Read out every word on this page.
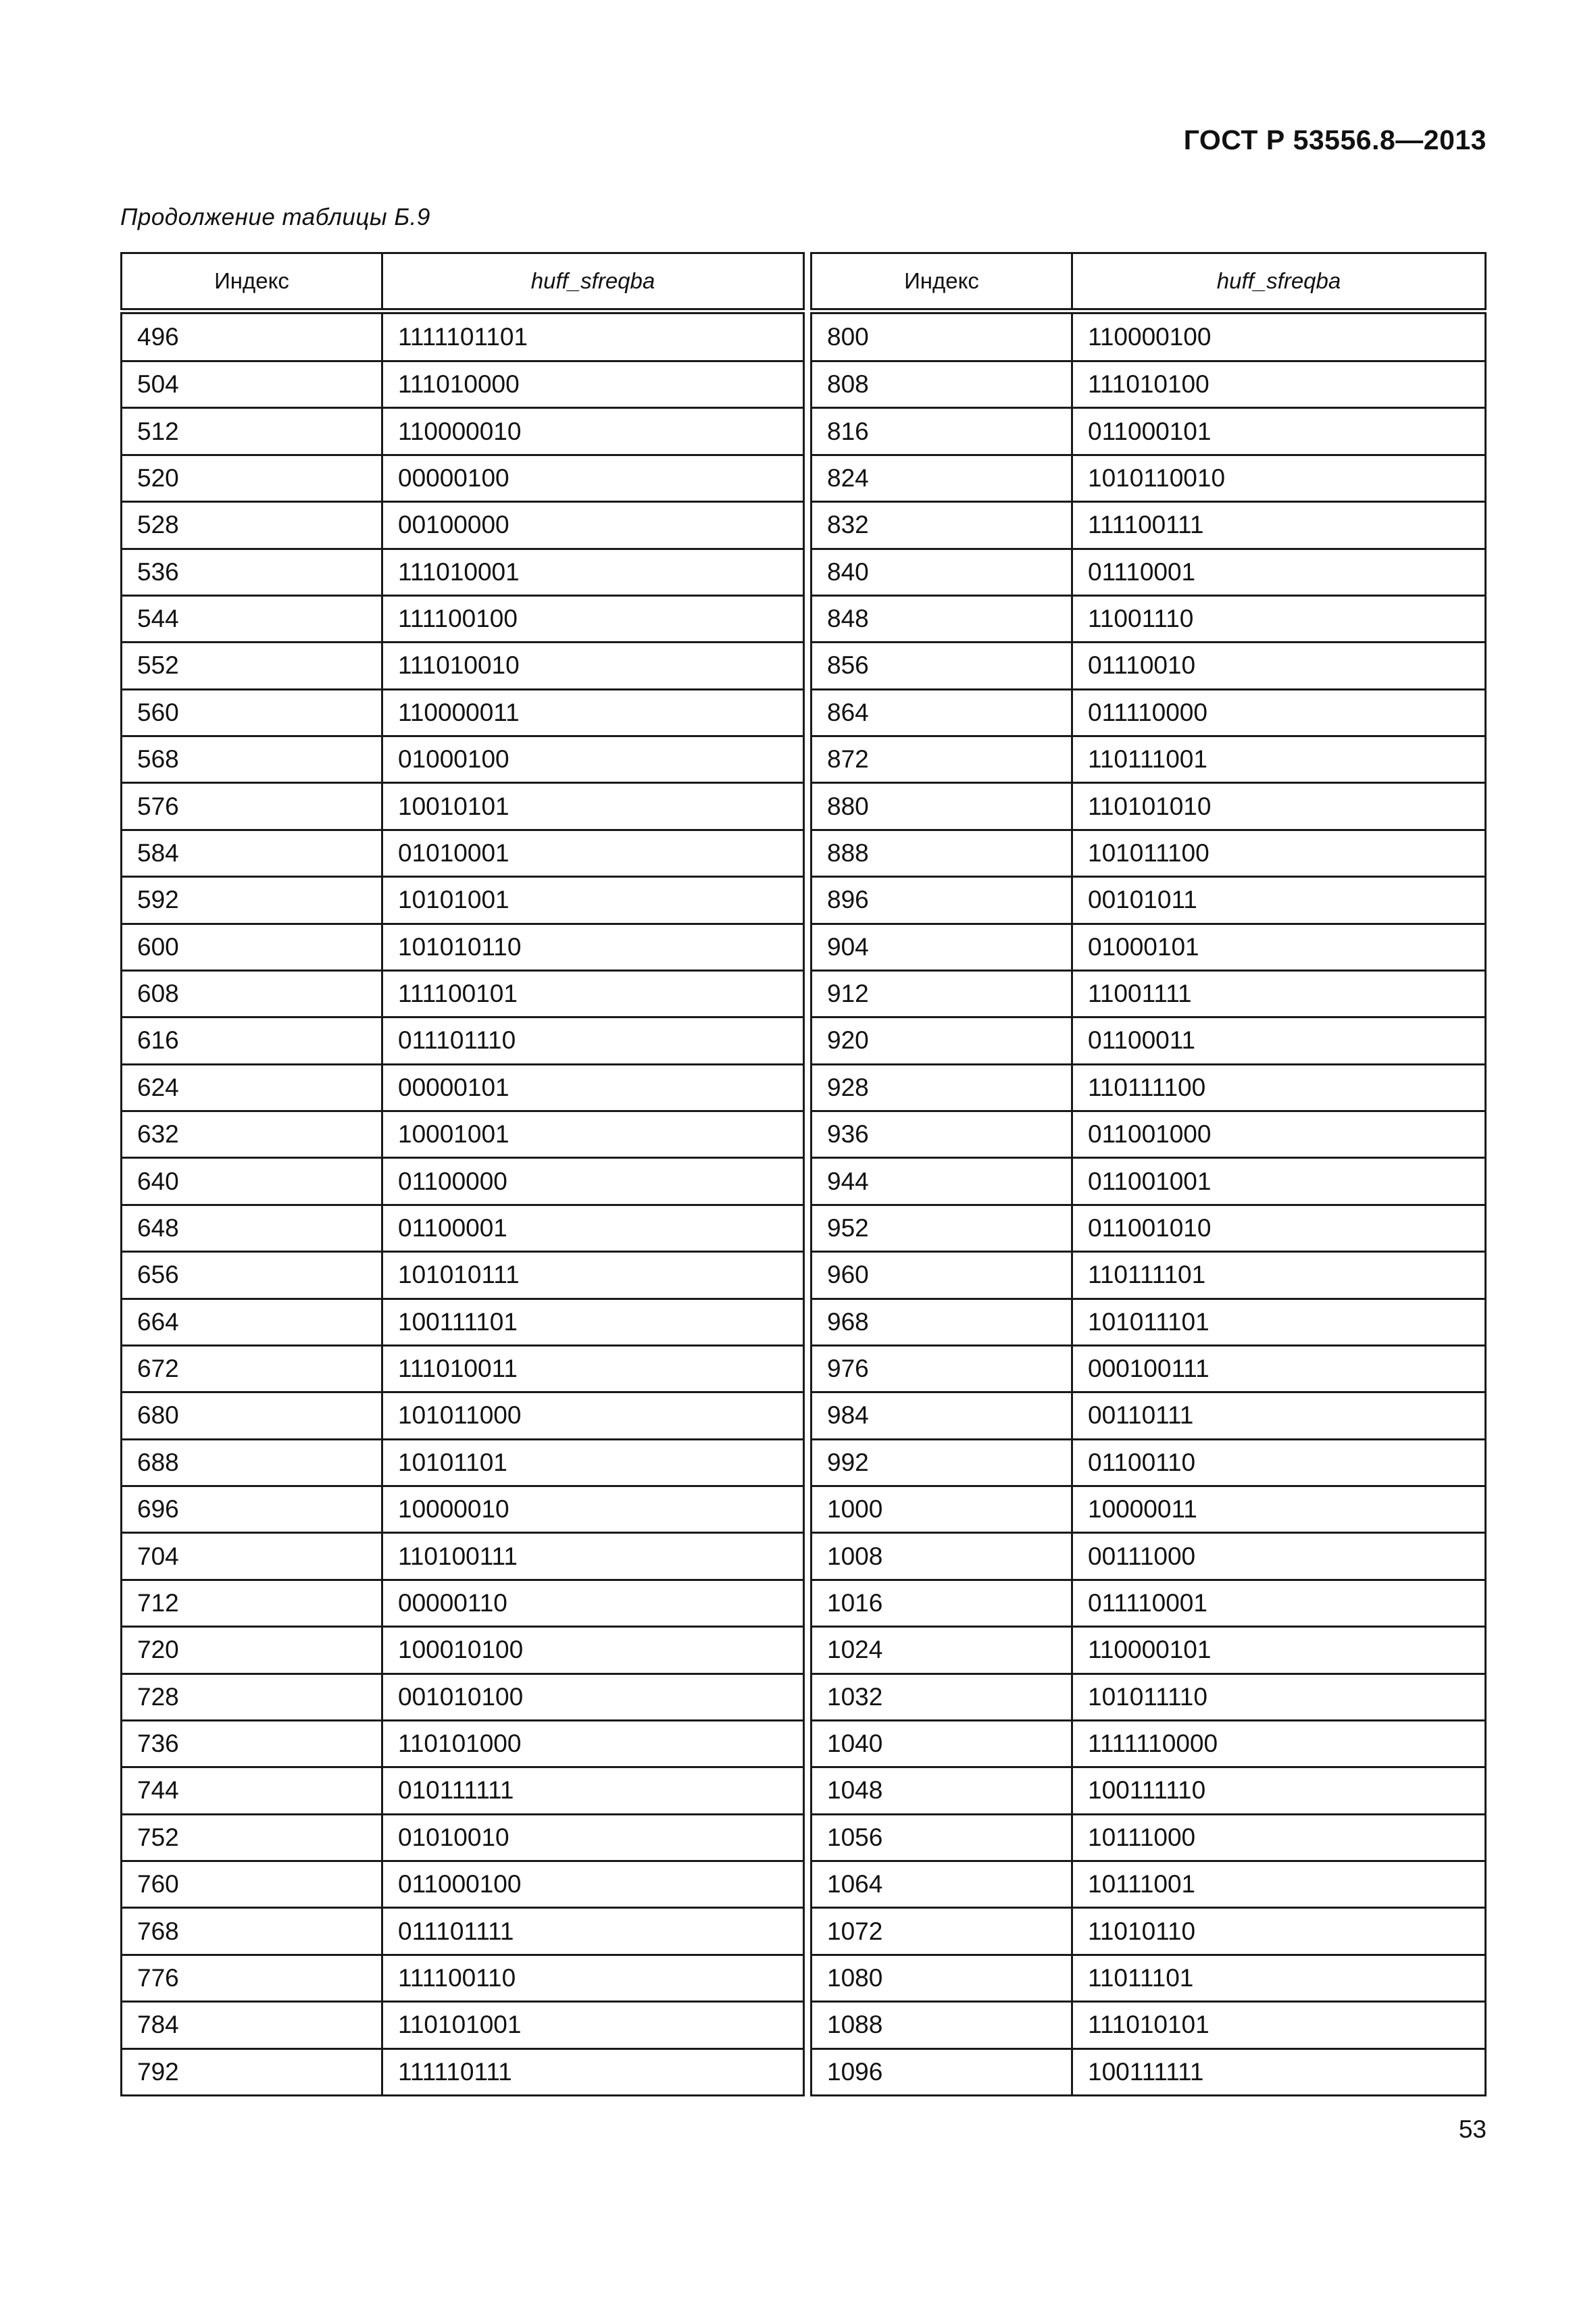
ГОСТ Р 53556.8—2013
Продолжение таблицы Б.9
Индекс	huff_sfreqba
496	1111101101
504	111010000
512	110000010
520	00000100
528	00100000
536	111010001
544	111100100
552	111010010
560	110000011
568	01000100
576	10010101
584	01010001
592	10101001
600	101010110
608	111100101
616	011101110
624	00000101
632	10001001
640	01100000
648	01100001
656	101010111
664	100111101
672	111010011
680	101011000
688	10101101
696	10000010
704	110100111
712	00000110
720	100010100
728	001010100
736	110101000
744	010111111
752	01010010
760	011000100
768	011101111
776	111100110
784	110101001
792	111110111
Индекс	huff_sfreqba
800	110000100
808	111010100
816	011000101
824	1010110010
832	111100111
840	01110001
848	11001110
856	01110010
864	011110000
872	110111001
880	110101010
888	101011100
896	00101011
904	01000101
912	11001111
920	01100011
928	110111100
936	011001000
944	011001001
952	011001010
960	110111101
968	101011101
976	000100111
984	00110111
992	01100110
1000	10000011
1008	00111000
1016	011110001
1024	110000101
1032	101011110
1040	1111110000
1048	100111110
1056	10111000
1064	10111001
1072	11010110
1080	11011101
1088	111010101
1096	100111111
53
